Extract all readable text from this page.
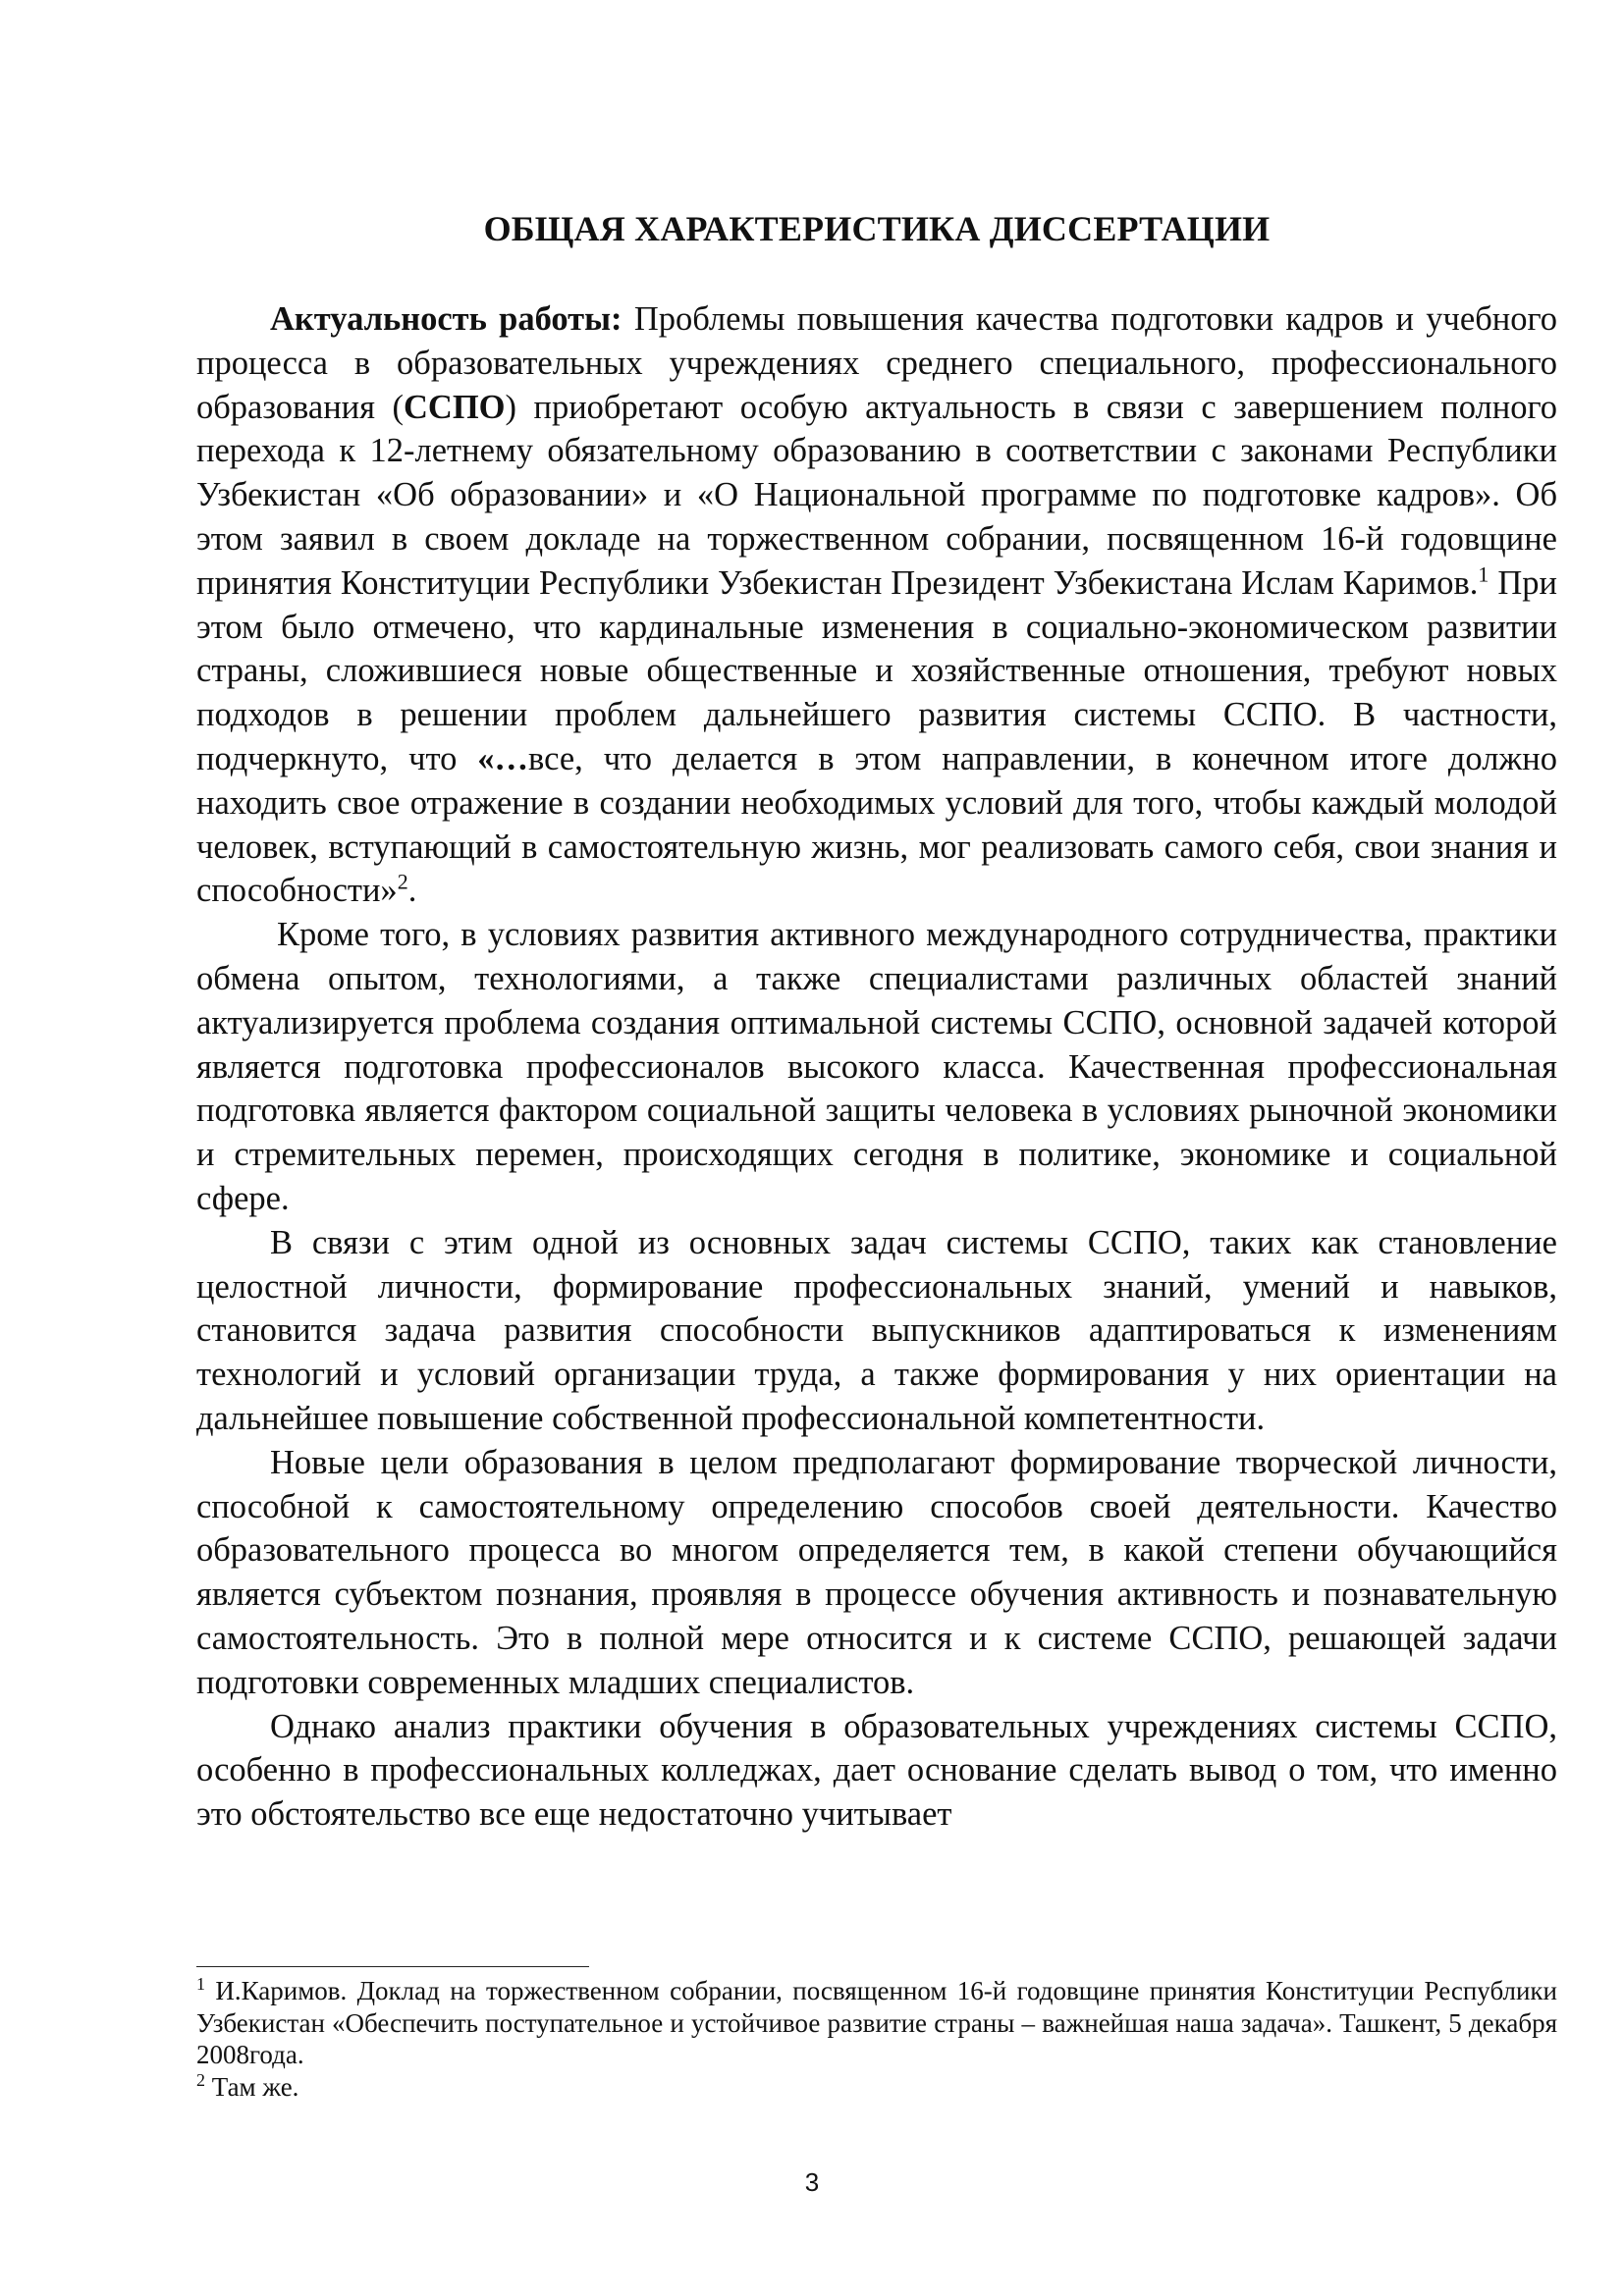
ОБЩАЯ ХАРАКТЕРИСТИКА ДИССЕРТАЦИИ

Актуальность работы: Проблемы повышения качества подготовки кадров и учебного процесса в образовательных учреждениях среднего специального, профессионального образования (ССПО) приобретают особую актуальность в связи с завершением полного перехода к 12-летнему обязательному образованию в соответствии с законами Республики Узбекистан «Об образовании» и «О Национальной программе по подготовке кадров». Об этом заявил в своем докладе на торжественном собрании, посвященном 16-й годовщине принятия Конституции Республики Узбекистан Президент Узбекистана Ислам Каримов.$^1$ При этом было отмечено, что кардинальные изменения в социально-экономическом развитии страны, сложившиеся новые общественные и хозяйственные отношения, требуют новых подходов в решении проблем дальнейшего развития системы ССПО. В частности, подчеркнуто, что «…все, что делается в этом направлении, в конечном итоге должно находить свое отражение в создании необходимых условий для того, чтобы каждый молодой человек, вступающий в самостоятельную жизнь, мог реализовать самого себя, свои знания и способности»$^2$.

Кроме того, в условиях развития активного международного сотрудничества, практики обмена опытом, технологиями, а также специалистами различных областей знаний актуализируется проблема создания оптимальной системы ССПО, основной задачей которой является подготовка профессионалов высокого класса. Качественная профессиональная подготовка является фактором социальной защиты человека в условиях рыночной экономики и стремительных перемен, происходящих сегодня в политике, экономике и социальной сфере.

В связи с этим одной из основных задач системы ССПО, таких как становление целостной личности, формирование профессиональных знаний, умений и навыков, становится задача развития способности выпускников адаптироваться к изменениям технологий и условий организации труда, а также формирования у них ориентации на дальнейшее повышение собственной профессиональной компетентности.

Новые цели образования в целом предполагают формирование творческой личности, способной к самостоятельному определению способов своей деятельности. Качество образовательного процесса во многом определяется тем, в какой степени обучающийся является субъектом познания, проявляя в процессе обучения активность и познавательную самостоятельность. Это в полной мере относится и к системе ССПО, решающей задачи подготовки современных младших специалистов.

Однако анализ практики обучения в образовательных учреждениях системы ССПО, особенно в профессиональных колледжах, дает основание сделать вывод о том, что именно это обстоятельство все еще недостаточно учитывает

$^1$ И.Каримов. Доклад на торжественном собрании, посвященном 16-й годовщине принятия Конституции Республики Узбекистан «Обеспечить поступательное и устойчивое развитие страны – важнейшая наша задача». Ташкент, 5 декабря 2008года.

$^2$ Там же.

3
